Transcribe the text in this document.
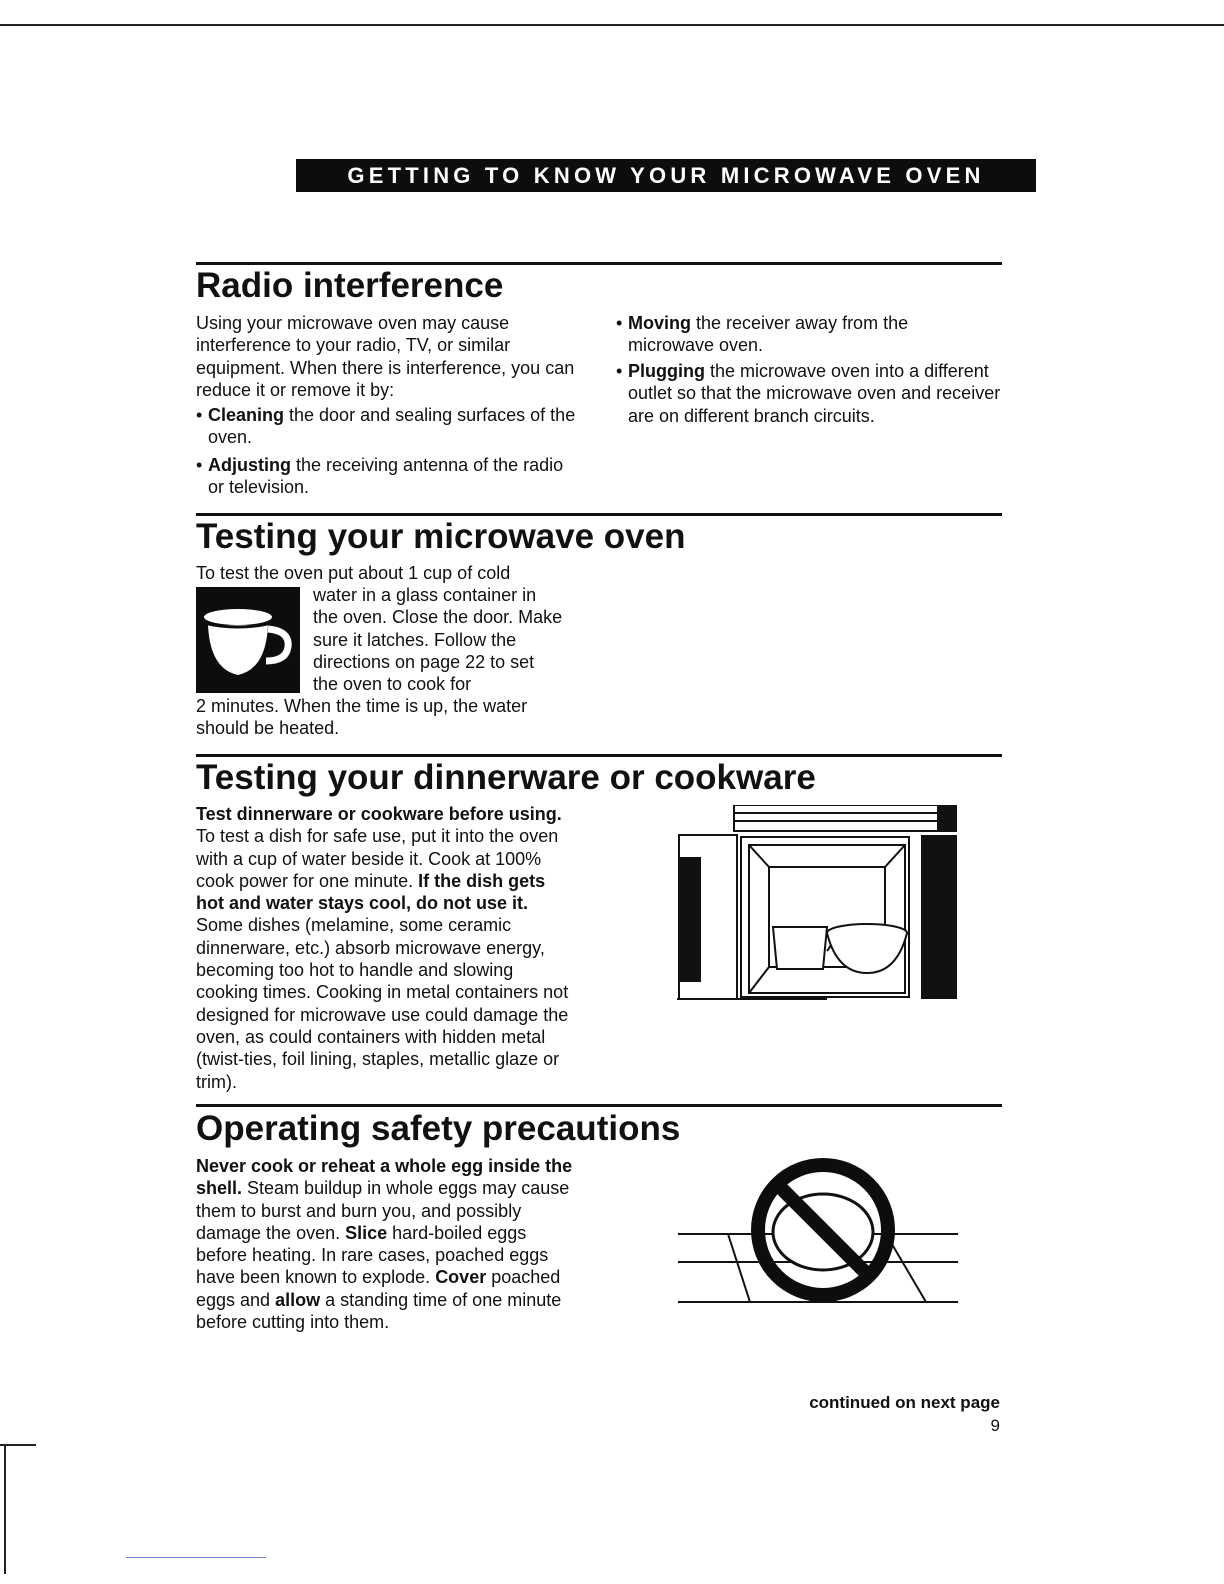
GETTING TO KNOW YOUR MICROWAVE OVEN
Radio interference

Using your microwave oven may cause interference to your radio, TV, or similar equipment. When there is interference, you can reduce it or remove it by:

• Cleaning the door and sealing surfaces of the oven.
• Adjusting the receiving antenna of the radio or television.
• Moving the receiver away from the microwave oven.
• Plugging the microwave oven into a different outlet so that the microwave oven and receiver are on different branch circuits.
Testing your microwave oven

To test the oven put about 1 cup of cold

water in a glass container in the oven. Close the door. Make sure it latches. Follow the directions on page 22 to set the oven to cook for

2 minutes. When the time is up, the water should be heated.

Testing your dinnerware or cookware

Test dinnerware or cookware before using. To test a dish for safe use, put it into the oven with a cup of water beside it. Cook at 100% cook power for one minute. If the dish gets hot and water stays cool, do not use it. Some dishes (melamine, some ceramic dinnerware, etc.) absorb microwave energy, becoming too hot to handle and slowing cooking times. Cooking in metal containers not designed for microwave use could damage the oven, as could containers with hidden metal (twist-ties, foil lining, staples, metallic glaze or trim).

Operating safety precautions

Never cook or reheat a whole egg inside the shell. Steam buildup in whole eggs may cause them to burst and burn you, and possibly damage the oven. Slice hard-boiled eggs before heating. In rare cases, poached eggs have been known to explode. Cover poached eggs and allow a standing time of one minute before cutting into them.

continued on next page
9
